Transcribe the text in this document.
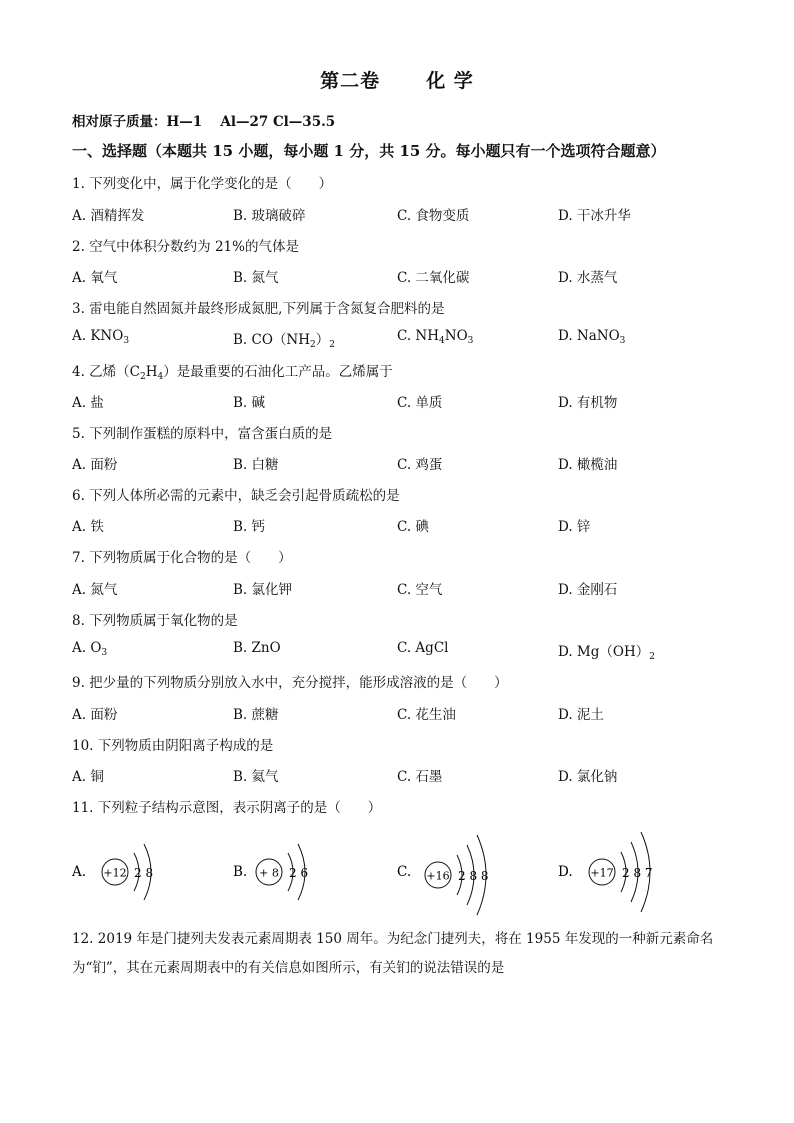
第二卷 化 学
相对原子质量：H—1　 Al—27 Cl—35.5
一、选择题（本题共 15 小题，每小题 1 分，共 15 分。每小题只有一个选项符合题意）
1. 下列变化中，属于化学变化的是（　　）
A. 酒精挥发	B. 玻璃破碎	C. 食物变质	D. 干冰升华
2. 空气中体积分数约为 21%的气体是
A. 氧气	B. 氮气	C. 二氧化碳	D. 水蒸气
3. 雷电能自然固氮并最终形成氮肥,下列属于含氮复合肥料的是
A. $KNO_3$	B. $CO(NH_2)_2$
C. $NH_4NO_3$	D. NaNO$_3$
4. 乙烯$(C_2H_4)$是最重要的石油化工产品。乙烯属于
A. 盐	B. 碱	C. 单质	D. 有机物
5. 下列制作蛋糕的原料中，富含蛋白质的是
A. 面粉	B. 白糖	C. 鸡蛋	D. 橄榄油
6. 下列人体所必需的元素中，缺乏会引起骨质疏松的是
A. 铁	B. 钙	C. 碘	D. 锌
7. 下列物质属于化合物的是（　　）
A. 氮气	B. 氯化钾	C. 空气	D. 金刚石
8. 下列物质属于氧化物的是
A. $O_3$	B. ZnO	C. AgCl	D. $Mg(OH)_2$
9. 把少量的下列物质分别放入水中，充分搅拌，能形成溶液的是（　　）
A. 面粉	B. 蔗糖	C. 花生油	D. 泥土
10. 下列物质由阴阳离子构成的是
A. 铜	B. 氦气	C. 石墨	D. 氯化钠
11. 下列粒子结构示意图，表示阴离子的是（　　）
A. +12 2 8	B. + 8 2 6	C. +16 2 8 8	D. +17 2 8 7
12. 2019 年是门捷列夫发表元素周期表 150 周年。为纪念门捷列夫，将在 1955 年发现的一种新元素命名为“钔”，其在元素周期表中的有关信息如图所示，有关钔的说法错误的是
